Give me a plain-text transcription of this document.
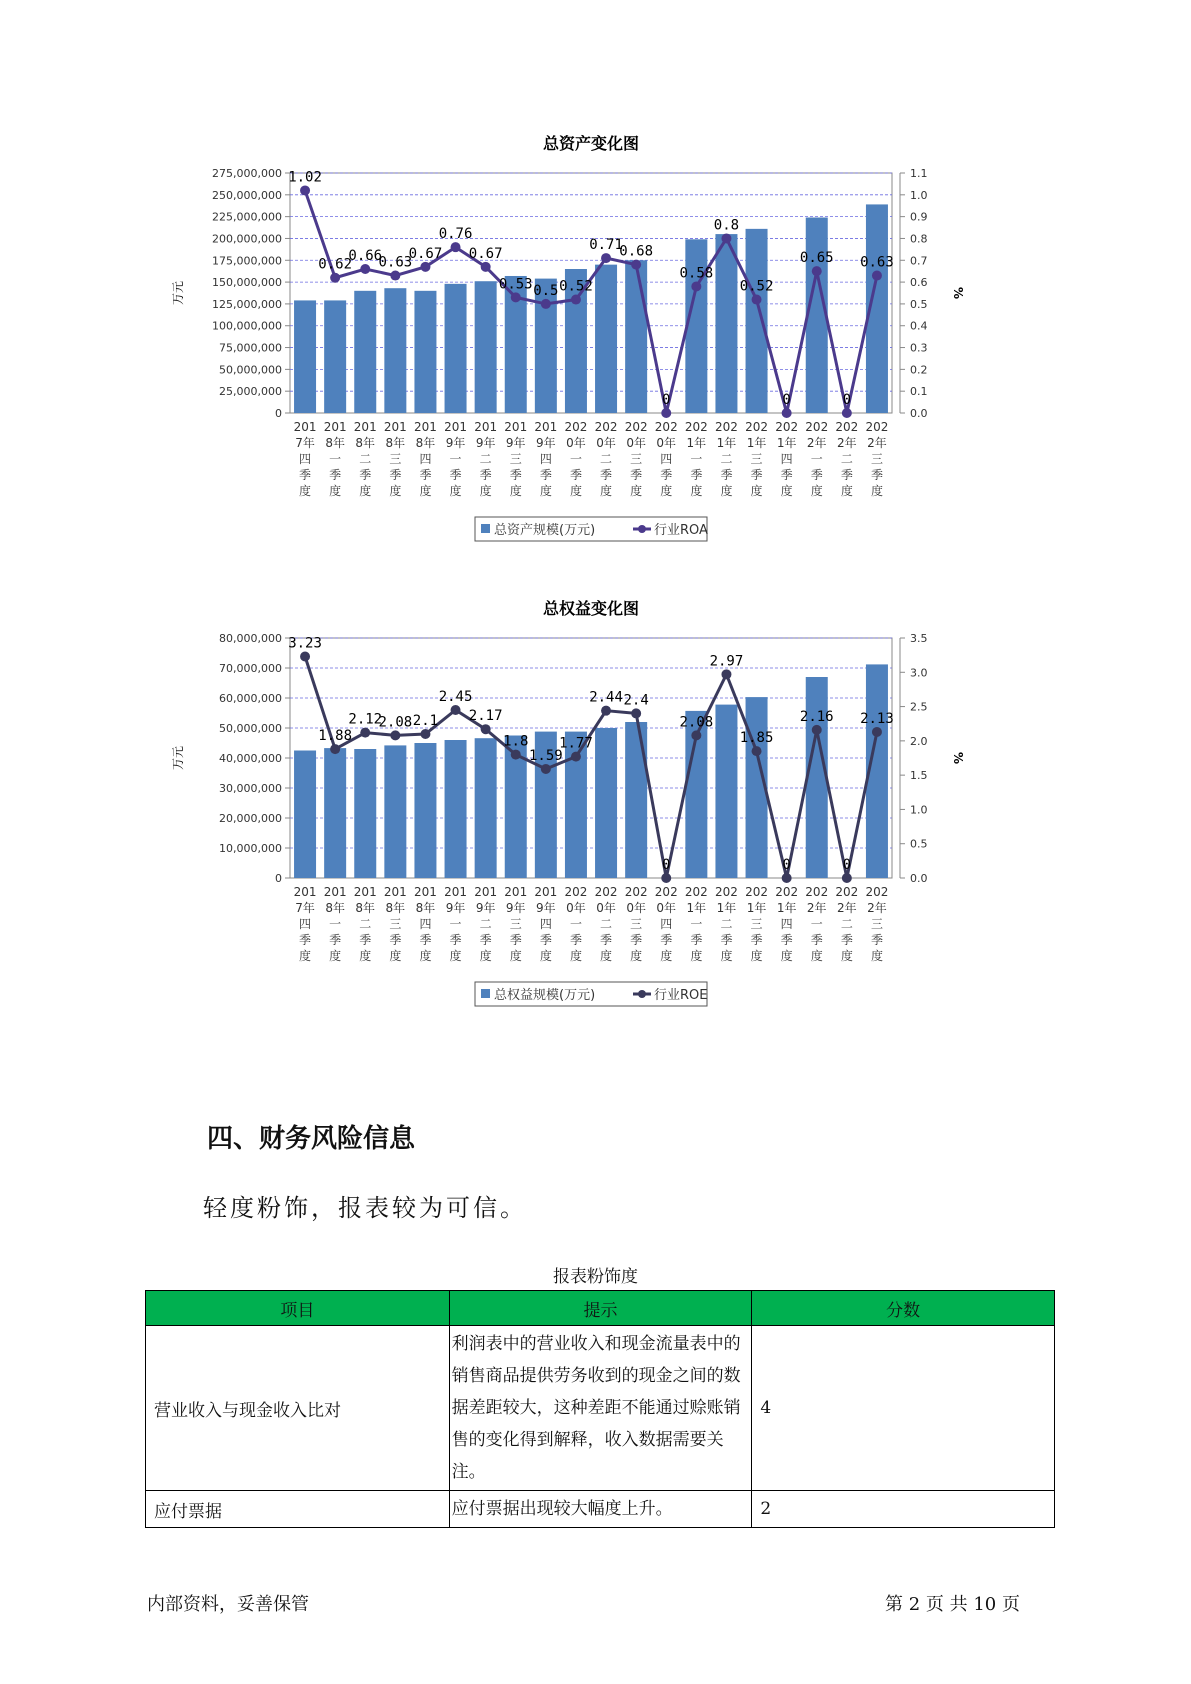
总资产变化图
0
25,000,000
50,000,000
75,000,000
100,000,000
125,000,000
150,000,000
175,000,000
200,000,000
225,000,000
250,000,000
275,000,000
0.0
0.1
0.2
0.3
0.4
0.5
0.6
0.7
0.8
0.9
1.0
1.1
万元	%
1.02
0.62
0.66
0.63
0.67
0.76
0.67
0.53 0.5 0.52
0.71
0.68
0
0.58
0.8
0.52
0
0.65
0
0.63
201 7年四季度
201 8年一季度
201 8年二季度
201 8年三季度
201 8年四季度
201 9年一季度
201 9年二季度
201 9年三季度
201 9年四季度
202 0年一季度
202 0年二季度
202 0年三季度
202 0年四季度
202 1年一季度
202 1年二季度
202 1年三季度
202 1年四季度
202 2年一季度
202 2年二季度
202 2年三季度
总资产规模(万元)	行业ROA
总权益变化图
0
10,000,000
20,000,000
30,000,000
40,000,000
50,000,000
60,000,000
70,000,000
80,000,000
0.0
0.5
1.0
1.5
2.0
2.5
3.0
3.5
万元	%
3.23
1.88
2.12
2.08 2.1
2.45
2.17
1.8
1.59
1.77
2.44 2.4
0
2.08
2.97
1.85
0
2.16
0
2.13
201 7年四季度
201 8年一季度
201 8年二季度
201 8年三季度
201 8年四季度
201 9年一季度
201 9年二季度
201 9年三季度
201 9年四季度
202 0年一季度
202 0年二季度
202 0年三季度
202 0年四季度
202 1年一季度
202 1年二季度
202 1年三季度
202 1年四季度
202 2年一季度
202 2年二季度
202 2年三季度
总权益规模(万元)	行业ROE
四、财务风险信息
轻度粉饰，报表较为可信。
报表粉饰度
项目	提示	分数
营业收入与现金收入比对	利润表中的营业收入和现金流量表中的销售商品提供劳务收到的现金之间的数据差距较大，这种差距不能通过赊账销售的变化得到解释，收入数据需要关注。	4
应付票据	应付票据出现较大幅度上升。	2
内部资料，妥善保管	第 2 页 共 10 页
